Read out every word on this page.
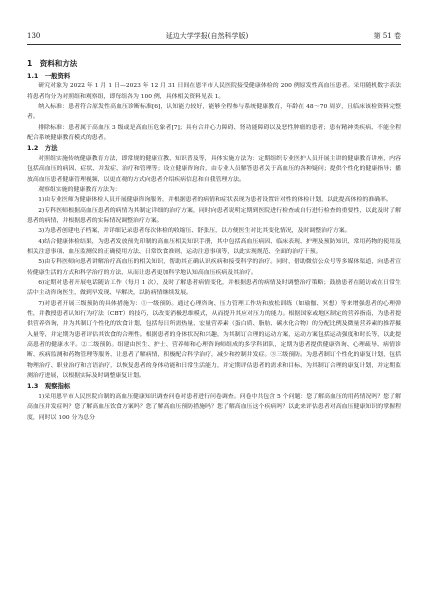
130	延边大学学报(自然科学版)	第 51 卷
1　资料和方法
1.1　一般资料

研究对象为 2022 年 1 月 1 日—2023 年 12 月 31 日间在恩平市人民医院接受健康体检的 200 例原发性高血压患者。采用随机数字表法将患者均分为对照组和观察组，即每组各为 100 例，具体相关资料见表 1。

纳入标准：患者符合原发性高血压诊断标准[6]，认知能力较好，能够全程参与系统健康教育，年龄在 48～70 周岁，且临床该检资料完整者。

排除标准：患者属于高血压 3 级或是高血压危象者[7]；具有合并心力障碍、肾功能障碍以及恶性肿瘤的患者；患有精神类疾病、不能全程配合系统健康教育模式的患者。

1.2　方法

对照组实施传统健康教育方法，即常规的健康宣教、知识普及等，具体实施方法为：定期组织专业医护人员开展主讲的健康教育讲座，内容包括高血压的病因、症状、并发症、治疗和管理等；设立健康咨询台，由专业人员解答患者关于高血压的各种疑问；提供个性化的健康指导；播放高血压患者健康管理视频，以更直观的方式向患者介绍疾病信息和自我管理方法。

观察组实施的健康教育方法为：

1)由专业医师为健康体检人员开展健康咨询服务，并根据患者的病情和症状表现为患者设置针对性的体检计划，以此提高体检的准确率。

2)专科医师根据高血压患者的病情为其制定详细的治疗方案，同时向患者说明定期到医院进行检查或自行进行检查的重要性，以此及时了解患者的病情，并根据患者的实际情况调整治疗方案。

3)为患者创建电子档案，并详细记录患者每次体检的收缩压、舒张压，以方便医生对比其变化情况，及时调整治疗方案。

4)结合健康体检结果，为患者发放预先印制的高血压相关知识手册，其中包括高血压病因、临床表现、护理及预防知识、常用药物的使用及相关注意事项、血压监测仪的正确使用方法、日常饮食准则、运动注意事项等，以此实现规范、全面的治疗干预。

5)由专科医师向患者讲解治疗高血压的相关知识，帮助其正确认识疾病和接受科学的治疗。同时，借助微信公众号等多媒体渠道，向患者宣传健康生活的方式和科学治疗的方法，从而让患者更加科学地认知高血压疾病及其治疗。

6)定期对患者开展电话随访工作（每月 1 次），及时了解患者病情变化，并根据患者的病情及时调整治疗策略；鼓励患者在随访或在日常生活中主动咨询医生，做到早发现、早解决，以防病情继续发展。

7)对患者开展三级预防的具体措施为：①一级预防。通过心理咨询、压力管理工作坊和放松训练（如瑜伽、冥想）等来增强患者的心理弹性，并教授患者认知行为疗法（CBT）的技巧，以改变消极思维模式，从而提升其应对压力的能力。根据国家或地区制定的营养指南，为患者提供营养咨询，并为其制订个性化的饮食计划，包括每日所需热量、宏量营养素（蛋白质、脂肪、碳水化合物）的分配比例及微量营养素的推荐摄入量等，并定期为患者评估其饮食的合理性。根据患者的身体状况和兴趣，为其制订合理的运动方案，运动方案包括运动强度和时长等，以此提高患者的健康水平。②二级预防。组建由医生、护士、营养师和心理咨询师组成的多学科团队，定期为患者提供健康咨询、心理疏导、病情诊断、疾病监测和药物管理等服务，让患者了解病情，积极配合科学治疗，减少和控制并发症。③三级预防。为患者制订个性化的康复计划，包括物理治疗、职业治疗和言语治疗，以恢复患者的身体功能和日常生活能力，并定期评估患者的需求和目标，为其制订合理的康复计划，并定期监测治疗进展，以根据实际及时调整康复计划。

1.3　观察指标

1)采用恩平市人民医院自制的高血压健康知识调查问卷对患者进行问卷调查。问卷中共包含 5 个问题：您了解高血压的用药情况吗？您了解高血压并发症吗？您了解高血压饮食方案吗？您了解高血压预防措施吗？您了解高血压这个疾病吗？以此来评估患者对高血压健康知识的掌握程度，同时以 100 分为总分
